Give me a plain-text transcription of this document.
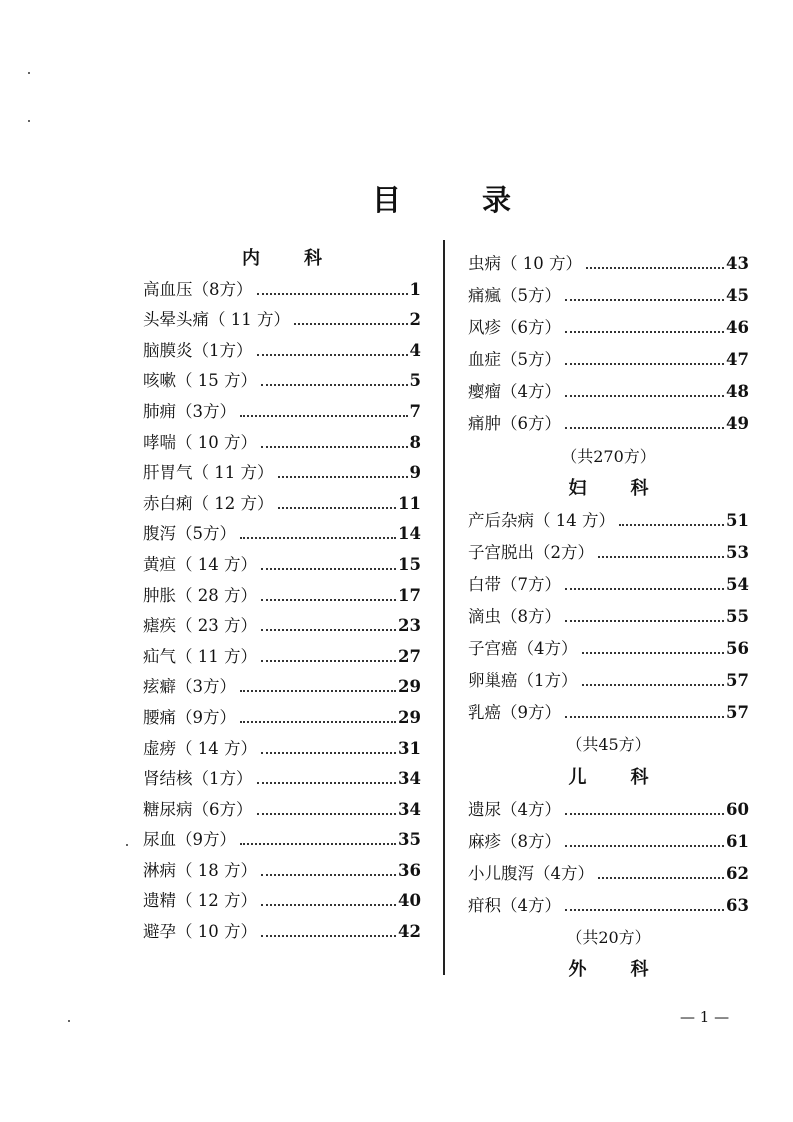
目	录
内 科
高血压（8方）	1
头晕头痛（ 11 方）	2
脑膜炎（1方）	4
咳嗽（ 15 方）	5
肺痈（3方）	7
哮喘（ 10 方）	8
肝胃气（ 11 方）	9
赤白痢（ 12 方）	11
腹泻（5方）	14
黄疸（ 14 方）	15
肿胀（ 28 方）	17
瘧疾（ 23 方）	23
疝气（ 11 方）	27
痃癖（3方）	29
腰痛（9方）	29
虚痨（ 14 方）	31
肾结核（1方）	34
糖尿病（6方）	34
尿血（9方）	35
淋病（ 18 方）	36
遗精（ 12 方）	40
避孕（ 10 方）	42
虫病（ 10 方）	43
痛瘋（5方）	45
风疹（6方）	46
血症（5方）	47
瘿瘤（4方）	48
痛肿（6方）	49
（共270方）
妇 科
产后杂病（ 14 方）	51
子宫脱出（2方）	53
白带（7方）	54
滴虫（8方）	55
子宫癌（4方）	56
卵巢癌（1方）	57
乳癌（9方）	57
（共45方）
儿 科
遗尿（4方）	60
麻疹（8方）	61
小儿腹泻（4方）	62
疳积（4方）	63
（共20方）
外 科
— 1 —
